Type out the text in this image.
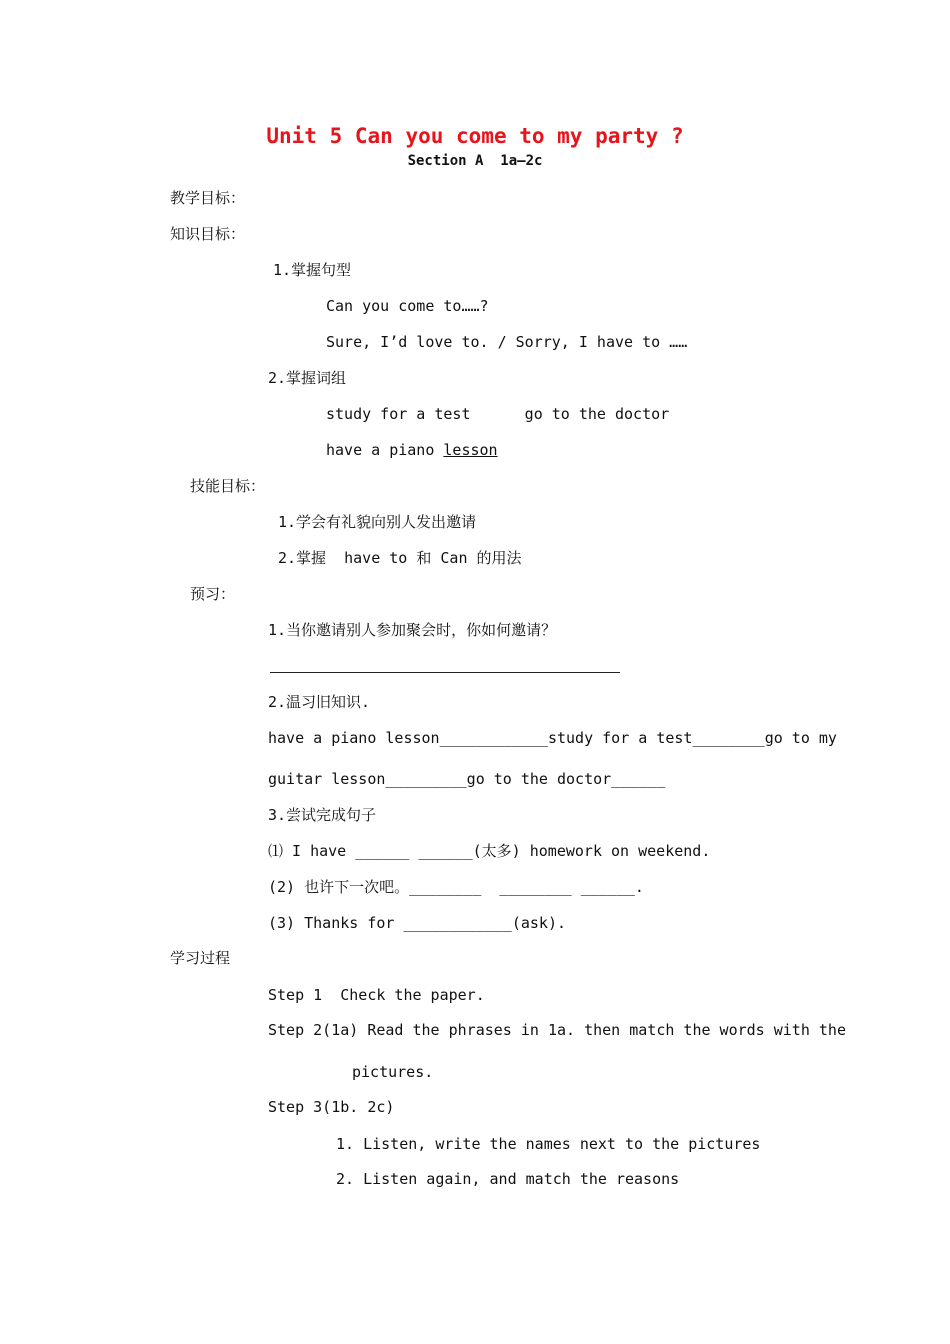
Unit 5 Can you come to my party ?
Section A  1a—2c
教学目标：
知识目标：
1.掌握句型
Can you come to……?
Sure, I’d love to. / Sorry, I have to ……
2.掌握词组
study for a test      go to the doctor
have a piano lesson
技能目标：
1.学会有礼貌向别人发出邀请
2.掌握  have to 和 Can 的用法
预习：
1.当你邀请别人参加聚会时，你如何邀请？
2.温习旧知识.
have a piano lesson____________study for a test________go to my
guitar lesson_________go to the doctor______
3.尝试完成句子
⑴ I have ______ ______(太多) homework on weekend.
(2) 也许下一次吧。________  ________ ______.
(3) Thanks for ____________(ask).
学习过程
Step 1  Check the paper.
Step 2(1a) Read the phrases in 1a. then match the words with the
pictures.
Step 3(1b. 2c)
1. Listen, write the names next to the pictures
2. Listen again, and match the reasons
